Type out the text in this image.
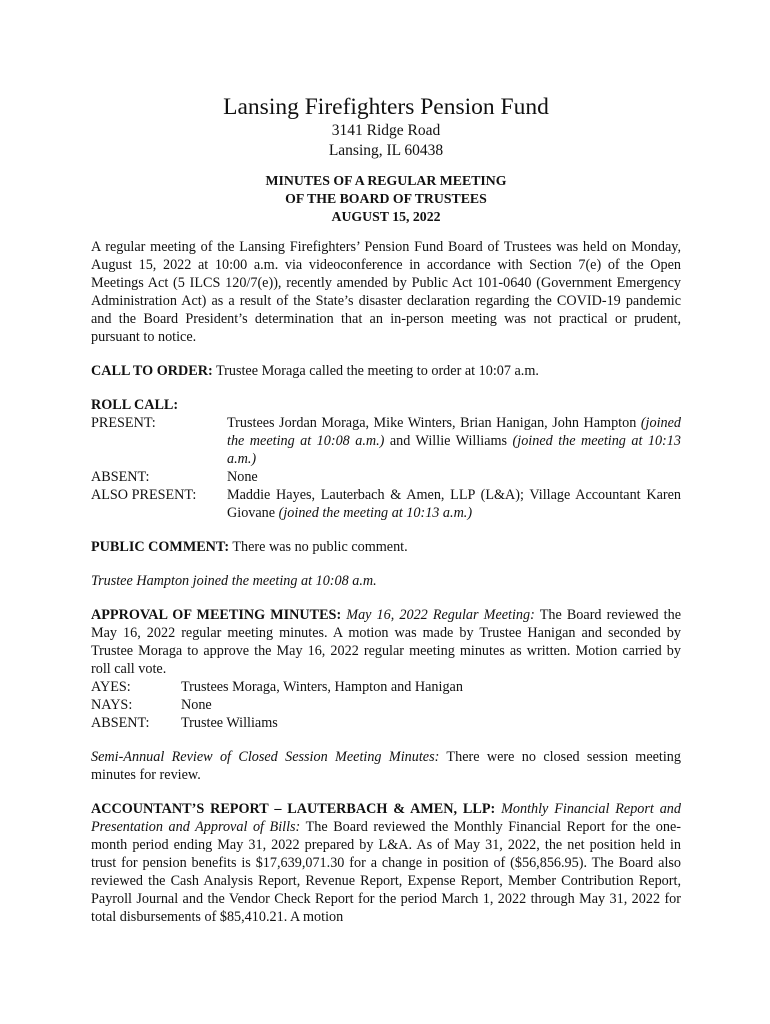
Lansing Firefighters Pension Fund
3141 Ridge Road
Lansing, IL 60438
MINUTES OF A REGULAR MEETING
OF THE BOARD OF TRUSTEES
AUGUST 15, 2022

A regular meeting of the Lansing Firefighters’ Pension Fund Board of Trustees was held on Monday, August 15, 2022 at 10:00 a.m. via videoconference in accordance with Section 7(e) of the Open Meetings Act (5 ILCS 120/7(e)), recently amended by Public Act 101-0640 (Government Emergency Administration Act) as a result of the State’s disaster declaration regarding the COVID-19 pandemic and the Board President’s determination that an in-person meeting was not practical or prudent, pursuant to notice.

CALL TO ORDER: Trustee Moraga called the meeting to order at 10:07 a.m.

ROLL CALL:
PRESENT:	Trustees Jordan Moraga, Mike Winters, Brian Hanigan, John Hampton (joined the meeting at 10:08 a.m.) and Willie Williams (joined the meeting at 10:13 a.m.)
ABSENT:	None
ALSO PRESENT:	Maddie Hayes, Lauterbach & Amen, LLP (L&A); Village Accountant Karen Giovane (joined the meeting at 10:13 a.m.)

PUBLIC COMMENT: There was no public comment.

Trustee Hampton joined the meeting at 10:08 a.m.

APPROVAL OF MEETING MINUTES: May 16, 2022 Regular Meeting: The Board reviewed the May 16, 2022 regular meeting minutes. A motion was made by Trustee Hanigan and seconded by Trustee Moraga to approve the May 16, 2022 regular meeting minutes as written. Motion carried by roll call vote.

AYES:	Trustees Moraga, Winters, Hampton and Hanigan
NAYS:	None
ABSENT:	Trustee Williams

Semi-Annual Review of Closed Session Meeting Minutes: There were no closed session meeting minutes for review.

ACCOUNTANT’S REPORT – LAUTERBACH & AMEN, LLP: Monthly Financial Report and Presentation and Approval of Bills: The Board reviewed the Monthly Financial Report for the one-month period ending May 31, 2022 prepared by L&A. As of May 31, 2022, the net position held in trust for pension benefits is $17,639,071.30 for a change in position of ($56,856.95). The Board also reviewed the Cash Analysis Report, Revenue Report, Expense Report, Member Contribution Report, Payroll Journal and the Vendor Check Report for the period March 1, 2022 through May 31, 2022 for total disbursements of $85,410.21. A motion
